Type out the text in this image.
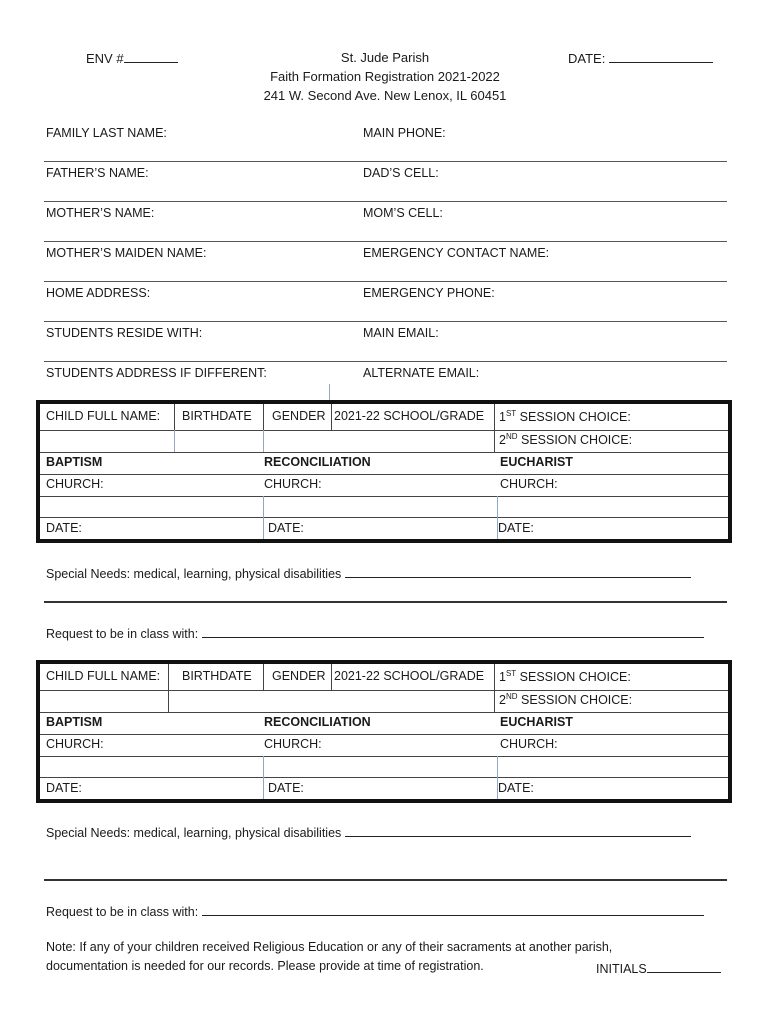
ENV #	St. Jude Parish
Faith Formation Registration 2021-2022
241 W. Second Ave. New Lenox, IL 60451
DATE:
FAMILY LAST NAME:	MAIN PHONE:
FATHER’S NAME:	DAD’S CELL:
MOTHER’S NAME:	MOM’S CELL:
MOTHER’S MAIDEN NAME:	EMERGENCY CONTACT NAME:
HOME ADDRESS:	EMERGENCY PHONE:
STUDENTS RESIDE WITH:	MAIN EMAIL:
STUDENTS ADDRESS IF DIFFERENT:	ALTERNATE EMAIL:
CHILD FULL NAME: BIRTHDATE GENDER 2021-22 SCHOOL/GRADE 1ST SESSION CHOICE:
2ND SESSION CHOICE:
BAPTISM	RECONCILIATION	EUCHARIST
CHURCH:	CHURCH:	CHURCH:
DATE:	DATE:	DATE:
Special Needs: medical, learning, physical disabilities
Request to be in class with:
CHILD FULL NAME: BIRTHDATE GENDER 2021-22 SCHOOL/GRADE 1ST SESSION CHOICE:
2ND SESSION CHOICE:
BAPTISM	RECONCILIATION	EUCHARIST
CHURCH:	CHURCH:	CHURCH:
DATE:	DATE:	DATE:
Special Needs: medical, learning, physical disabilities
Request to be in class with:
Note: If any of your children received Religious Education or any of their sacraments at another parish,
documentation is needed for our records. Please provide at time of registration.	INITIALS
